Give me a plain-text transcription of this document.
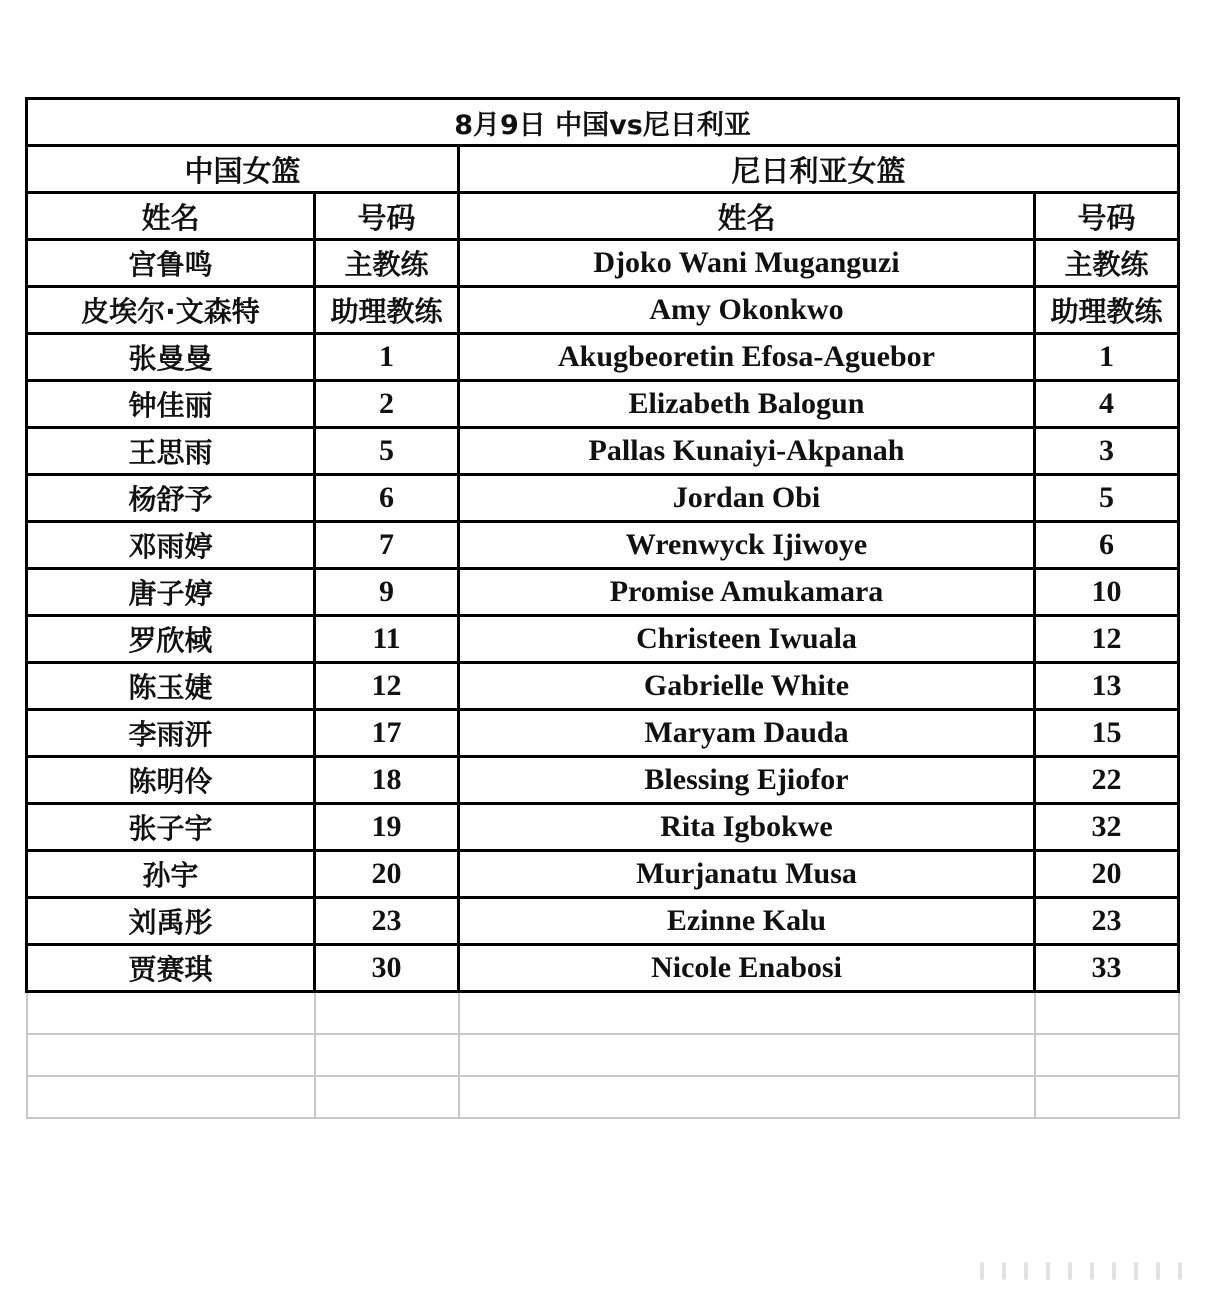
8月9日 中国vs尼日利亚			
中国女篮		尼日利亚女篮	
姓名	号码	姓名	号码
宫鲁鸣	主教练	Djoko Wani Muganguzi	主教练
皮埃尔·文森特	助理教练	Amy Okonkwo	助理教练
张曼曼	1	Akugbeoretin Efosa-Aguebor	1
钟佳丽	2	Elizabeth Balogun	4
王思雨	5	Pallas Kunaiyi-Akpanah	3
杨舒予	6	Jordan Obi	5
邓雨婷	7	Wrenwyck Ijiwoye	6
唐子婷	9	Promise Amukamara	10
罗欣棫	11	Christeen Iwuala	12
陈玉婕	12	Gabrielle White	13
李雨汧	17	Maryam Dauda	15
陈明伶	18	Blessing Ejiofor	22
张子宇	19	Rita Igbokwe	32
孙宇	20	Murjanatu Musa	20
刘禹彤	23	Ezinne Kalu	23
贾赛琪	30	Nicole Enabosi	33
